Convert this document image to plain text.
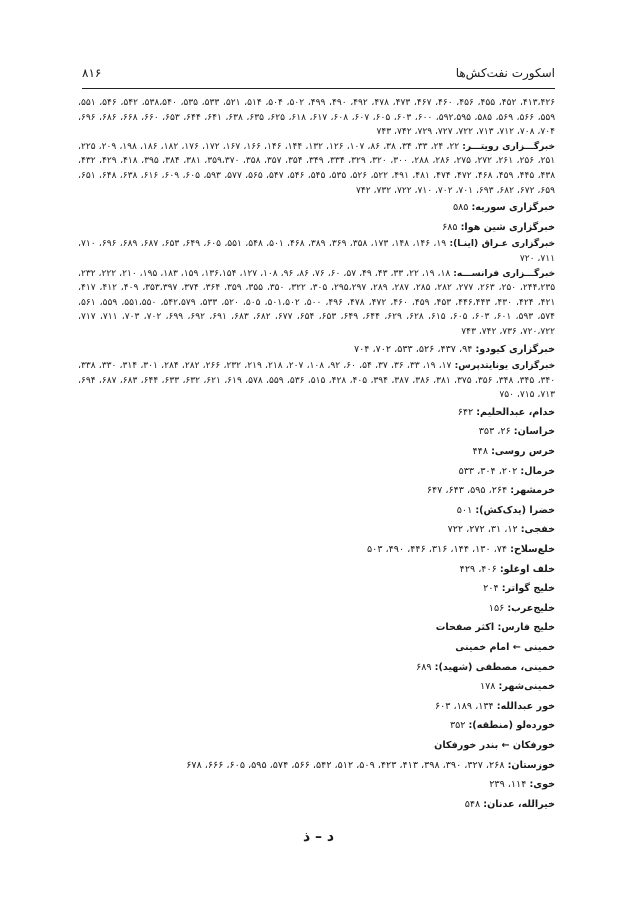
اسکورت نفت‌کش‌ها
۸۱۶
۴۱۳،۴۲۶، ۴۵۲، ۴۵۵، ۴۵۶، ۴۶۰، ۴۶۷، ۴۷۳، ۴۷۸، ۴۹۲، ۴۹۰، ۴۹۹، ۵۰۲، ۵۰۴، ۵۱۴، ۵۲۱، ۵۳۳، ۵۳۵، ۵۳۸،۵۴۰، ۵۴۲، ۵۴۶، ۵۵۱، ۵۵۹، ۵۶۶، ۵۶۹، ۵۸۵، ۵۹۲،۵۹۵، ۶۰۰، ۶۰۳، ۶۰۵، ۶۰۷، ۶۰۸، ۶۱۷، ۶۱۸، ۶۲۵، ۶۳۵، ۶۳۸، ۶۴۱، ۶۴۴، ۶۵۳، ۶۶۰، ۶۶۸، ۶۸۶، ۶۹۶، ۷۰۴، ۷۰۸، ۷۱۲، ۷۱۳، ۷۲۲، ۷۲۷، ۷۲۹، ۷۴۲، ۷۴۳
خبرگـــزاری رویتـــر: ۲۲، ۲۴، ۳۳، ۳۴، ۳۸، ۸۶، ۱۰۷، ۱۲۶، ۱۳۲، ۱۴۴، ۱۴۶، ۱۶۶، ۱۶۷، ۱۷۲، ۱۷۶، ۱۸۲، ۱۸۶، ۱۹۸، ۲۰۹، ۲۲۵، ۲۵۱، ۲۵۶، ۲۶۱، ۲۷۲، ۲۷۵، ۲۸۶، ۲۸۸، ۳۰۰، ۳۲۰، ۳۲۹، ۳۳۴، ۳۴۹، ۳۵۴، ۳۵۷، ۳۵۸، ۳۵۹،۳۷۰، ۳۸۱، ۳۸۴، ۳۹۵، ۴۱۸، ۴۲۹، ۴۳۲، ۴۳۸، ۴۴۵، ۴۵۹، ۴۶۸، ۴۷۲، ۴۷۴، ۴۸۱، ۴۹۱، ۵۲۲، ۵۲۶، ۵۳۵، ۵۴۵، ۵۴۶، ۵۴۷، ۵۶۵، ۵۷۷، ۵۹۳، ۶۰۵، ۶۰۹، ۶۱۶، ۶۳۸، ۶۴۸، ۶۵۱، ۶۵۹، ۶۷۲، ۶۸۲، ۶۹۳، ۷۰۱، ۷۰۲، ۷۱۰، ۷۲۲، ۷۳۲، ۷۴۲
خبرگزاری سوریه: ۵۸۵
خبرگزاری شین هوا: ۶۸۵
خبرگزاری عـراق (اینـا): ۱۹، ۱۴۶، ۱۴۸، ۱۷۳، ۳۵۸، ۳۶۹، ۳۸۹، ۴۶۸، ۵۰۱، ۵۴۸، ۵۵۱، ۶۰۵، ۶۴۹، ۶۵۳، ۶۸۷، ۶۸۹، ۶۹۶، ۷۱۰، ۷۱۱، ۷۲۰
خبرگـــزاری فرانســـه: ۱۸، ۱۹، ۲۲، ۳۳، ۴۳، ۴۹، ۵۷، ۶۰، ۷۶، ۸۶، ۹۶، ۱۰۸، ۱۲۷، ۱۳۶،۱۵۴، ۱۵۹، ۱۸۳، ۱۹۵، ۲۱۰، ۲۲۲، ۲۳۲، ۲۴۴،۲۳۵، ۲۵۰، ۲۶۳، ۲۷۷، ۲۸۲، ۲۸۵، ۲۸۷، ۲۸۹، ۲۹۵،۲۹۷، ۳۰۵، ۳۲۲، ۳۵۰، ۳۵۵، ۳۵۹، ۳۶۴، ۳۷۴، ۳۵۳،۳۹۷، ۴۰۹، ۴۱۲، ۴۱۷، ۴۲۱، ۴۲۴، ۴۳۰، ۴۴۶،۴۴۳، ۴۵۳، ۴۵۹، ۴۶۰، ۴۷۲، ۴۷۸، ۴۹۶، ۵۰۰، ۵۰۱،۵۰۲، ۵۰۵، ۵۲۰، ۵۳۳، ۵۴۲،۵۷۹، ۵۵۱،۵۵۰، ۵۵۹، ۵۶۱، ۵۷۴، ۵۹۳، ۶۰۱، ۶۰۳، ۶۰۵، ۶۱۵، ۶۲۸، ۶۲۹، ۶۴۴، ۶۴۹، ۶۵۳، ۶۵۴، ۶۷۷، ۶۸۲، ۶۸۳، ۶۹۱، ۶۹۲، ۶۹۹، ۷۰۲، ۷۰۳، ۷۱۱، ۷۱۷، ۷۲۰،۷۲۲، ۷۳۶، ۷۴۲، ۷۴۳
خبرگزاری کیودو: ۹۴، ۴۳۷، ۵۲۶، ۵۳۳، ۷۰۲، ۷۰۴
خبرگزاری یونایتدپرس: ۱۷، ۱۹، ۳۳، ۳۶، ۳۷، ۵۴، ۶۰، ۹۲، ۱۰۸، ۲۰۷، ۲۱۸، ۲۱۹، ۲۳۲، ۲۶۶، ۲۸۲، ۲۸۴، ۳۰۱، ۳۱۴، ۳۳۰، ۳۳۸، ۳۴۰، ۳۴۵، ۳۴۸، ۳۵۶، ۳۷۵، ۳۸۱، ۳۸۶، ۳۸۷، ۳۹۴، ۴۰۵، ۴۲۸، ۵۱۵، ۵۳۶، ۵۵۹، ۵۷۸، ۶۱۹، ۶۲۱، ۶۳۲، ۶۳۳، ۶۴۴، ۶۸۳، ۶۸۷، ۶۹۴، ۷۱۳، ۷۱۵، ۷۵۰
خدام، عبدالحلیم: ۶۴۲
خراسان: ۲۶، ۳۵۳
خرس روسی: ۴۴۸
خرمال: ۲۰۲، ۳۰۴، ۵۳۳
خرمشهر: ۲۶۴، ۵۹۵، ۶۴۳، ۶۴۷
خضرا (یدک‌کش): ۵۰۱
خفجی: ۱۲، ۳۱، ۲۷۲، ۷۲۲
خلع‌سلاح: ۷۴، ۱۳۰، ۱۴۴، ۳۱۶، ۴۴۶، ۴۹۰، ۵۰۳
خلف اوغلو: ۴۰۶، ۴۲۹
خلیج گواتر: ۲۰۴
خلیج‌عرب: ۱۵۶
خلیج فارس: اکثر صفحات
خمینی ← امام خمینی
خمینی، مصطفی (شهید): ۶۸۹
خمینی‌شهر: ۱۷۸
خور عبدالله: ۱۳۴، ۱۸۹، ۶۰۳
خورده‌لو (منطقه): ۳۵۲
خورفکان ← بندر خورفکان
خوزستان: ۲۶۸، ۳۲۷، ۳۹۰، ۳۹۸، ۴۱۳، ۴۲۳، ۵۰۹، ۵۱۲، ۵۴۲، ۵۶۶، ۵۷۴، ۵۹۵، ۶۰۵، ۶۶۶، ۶۷۸
خوی: ۱۱۴، ۲۳۹
خیرالله، عدنان: ۵۴۸
د – ذ
